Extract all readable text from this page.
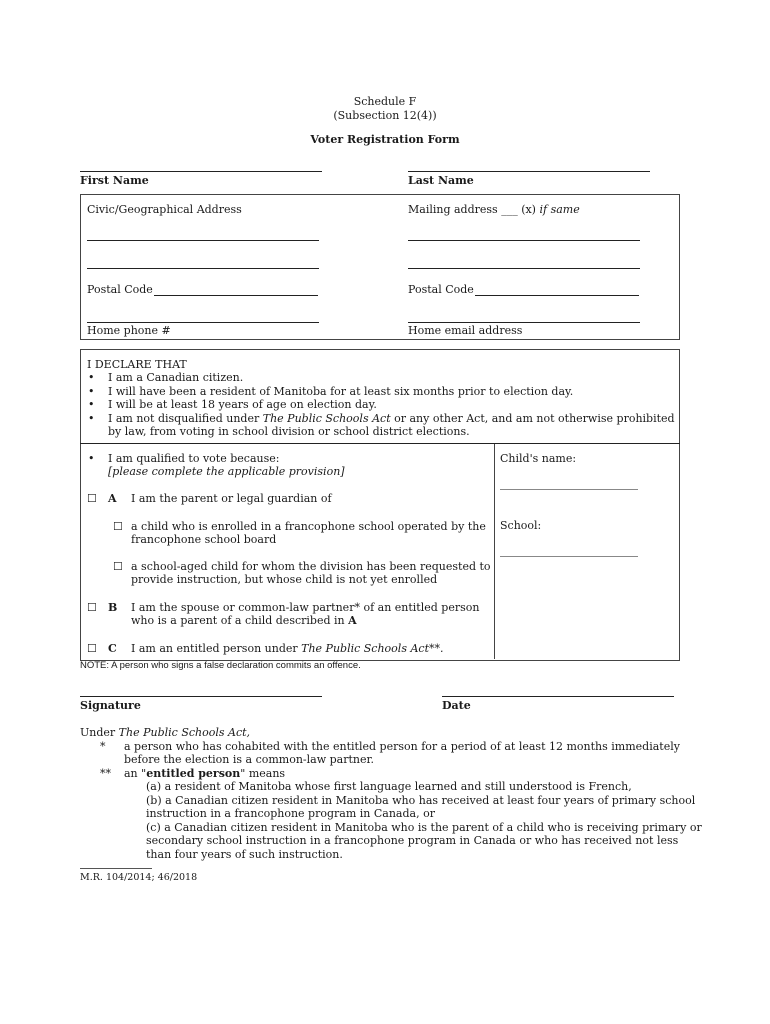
Schedule F
(Subsection 12(4))
Voter Registration Form
First Name	Last Name
Civic/Geographical Address	Mailing address ___ (x) if same
Postal Code	Postal Code
Home phone #	Home email address
I DECLARE THAT
• I am a Canadian citizen.
• I will have been a resident of Manitoba for at least six months prior to election day.
• I will be at least 18 years of age on election day.
• I am not disqualified under The Public Schools Act or any other Act, and am not otherwise prohibited
by law, from voting in school division or school district elections.
• I am qualified to vote because:
[please complete the applicable provision]
☐ A I am the parent or legal guardian of
☐ a child who is enrolled in a francophone school operated by the
francophone school board
☐ a school-aged child for whom the division has been requested to
provide instruction, but whose child is not yet enrolled
☐ B I am the spouse or common-law partner* of an entitled person
who is a parent of a child described in A
☐ C I am an entitled person under The Public Schools Act**.
Child's name:
School:
NOTE: A person who signs a false declaration commits an offence.
Signature	Date
Under The Public Schools Act,
* a person who has cohabited with the entitled person for a period of at least 12 months immediately
before the election is a common-law partner.
** an "entitled person" means
(a) a resident of Manitoba whose first language learned and still understood is French,
(b) a Canadian citizen resident in Manitoba who has received at least four years of primary school
instruction in a francophone program in Canada, or
(c) a Canadian citizen resident in Manitoba who is the parent of a child who is receiving primary or
secondary school instruction in a francophone program in Canada or who has received not less
than four years of such instruction.
M.R. 104/2014; 46/2018
